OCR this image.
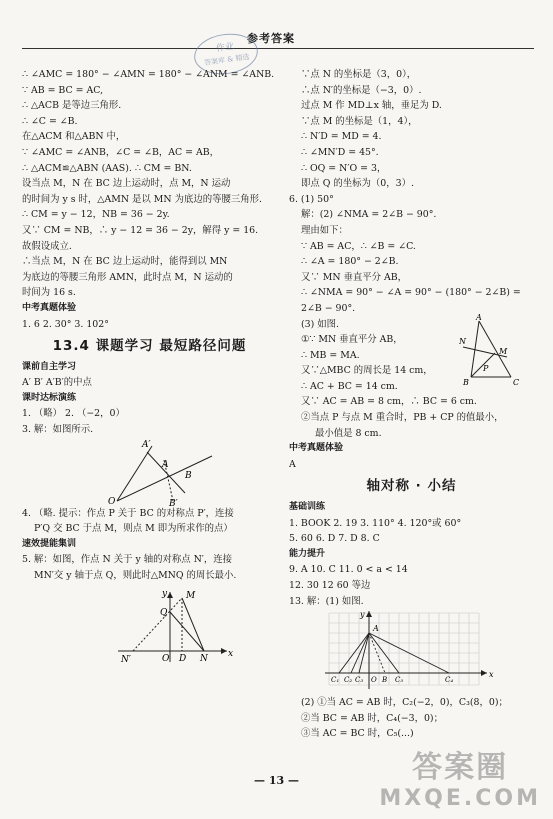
参考答案
作业
答案库 & 精选
∴ ∠AMC = 180° − ∠AMN = 180° − ∠ANM = ∠ANB.
∵ AB = BC = AC,
∴ △ACB 是等边三角形.
∴ ∠C = ∠B.
在△ACM 和△ABN 中，
∵ ∠AMC = ∠ANB，∠C = ∠B，AC = AB，
∴ △ACM≌△ABN (AAS). ∴ CM = BN.
设当点 M，N 在 BC 边上运动时，点 M，N 运动
的时间为 y s 时，△AMN 是以 MN 为底边的等腰三角形.
∴ CM = y − 12，NB = 36 − 2y.
又∵ CM = NB，∴ y − 12 = 36 − 2y，解得 y = 16.
故假设成立.
∴当点 M，N 在 BC 边上运动时，能得到以 MN
为底边的等腰三角形 AMN，此时点 M，N 运动的
时间为 16 s.
中考真题体验
1. 6 2. 30° 3. 102°
13.4 课题学习 最短路径问题
课前自主学习
A′ B′ A′B′的中点
课时达标演练
1. （略） 2. （−2，0）
3. 解：如图所示.
A′
A
O
B
B′
4. （略. 提示：作点 P 关于 BC 的对称点 P′，连接
P′Q 交 BC 于点 M，则点 M 即为所求作的点）
速效提能集训
5. 解：如图，作点 N 关于 y 轴的对称点 N′，连接
MN′交 y 轴于点 Q，则此时△MNQ 的周长最小.
y M
Q
N′	O D N x
∵点 N 的坐标是（3，0），
∴点 N′的坐标是（−3，0）.
过点 M 作 MD⊥x 轴，垂足为 D.
∵点 M 的坐标是（1，4），
∴ N′D = MD = 4.
∴ ∠MN′D = 45°.
∴ OQ = N′O = 3，
即点 Q 的坐标为（0，3）.
6. (1) 50°
解：(2) ∠NMA = 2∠B − 90°.
理由如下：
∵ AB = AC，∴ ∠B = ∠C.
∴ ∠A = 180° − 2∠B.
又∵ MN 垂直平分 AB，
∴ ∠NMA = 90° − ∠A = 90° − (180° − 2∠B) =
2∠B − 90°.
(3) 如图.
①∵ MN 垂直平分 AB，
∴ MB = MA.
又∵△MBC 的周长是 14 cm，
∴ AC + BC = 14 cm.
又∵ AC = AB = 8 cm，∴ BC = 6 cm.
A
N
M
B
P
C
②当点 P 与点 M 重合时，PB + CP 的值最小，
最小值是 8 cm.
中考真题体验
A
轴对称 · 小结
基础训练
1. BOOK 2. 19 3. 110° 4. 120°或 60°
5. 60 6. D 7. D 8. C
能力提升
9. A 10. C 11. 0 < a < 14
12. 30 12 60 等边
13. 解：(1) 如图.
A
y
C₁ C₂ C₃ O B C₅	C₄
x
(2) ①当 AC = AB 时，C₂(−2，0)，C₃(8，0)；
②当 BC = AB 时，C₄(−3，0)；
③当 AC = BC 时，C₅(...)
— 13 —	答案圈
MXQE.COM
